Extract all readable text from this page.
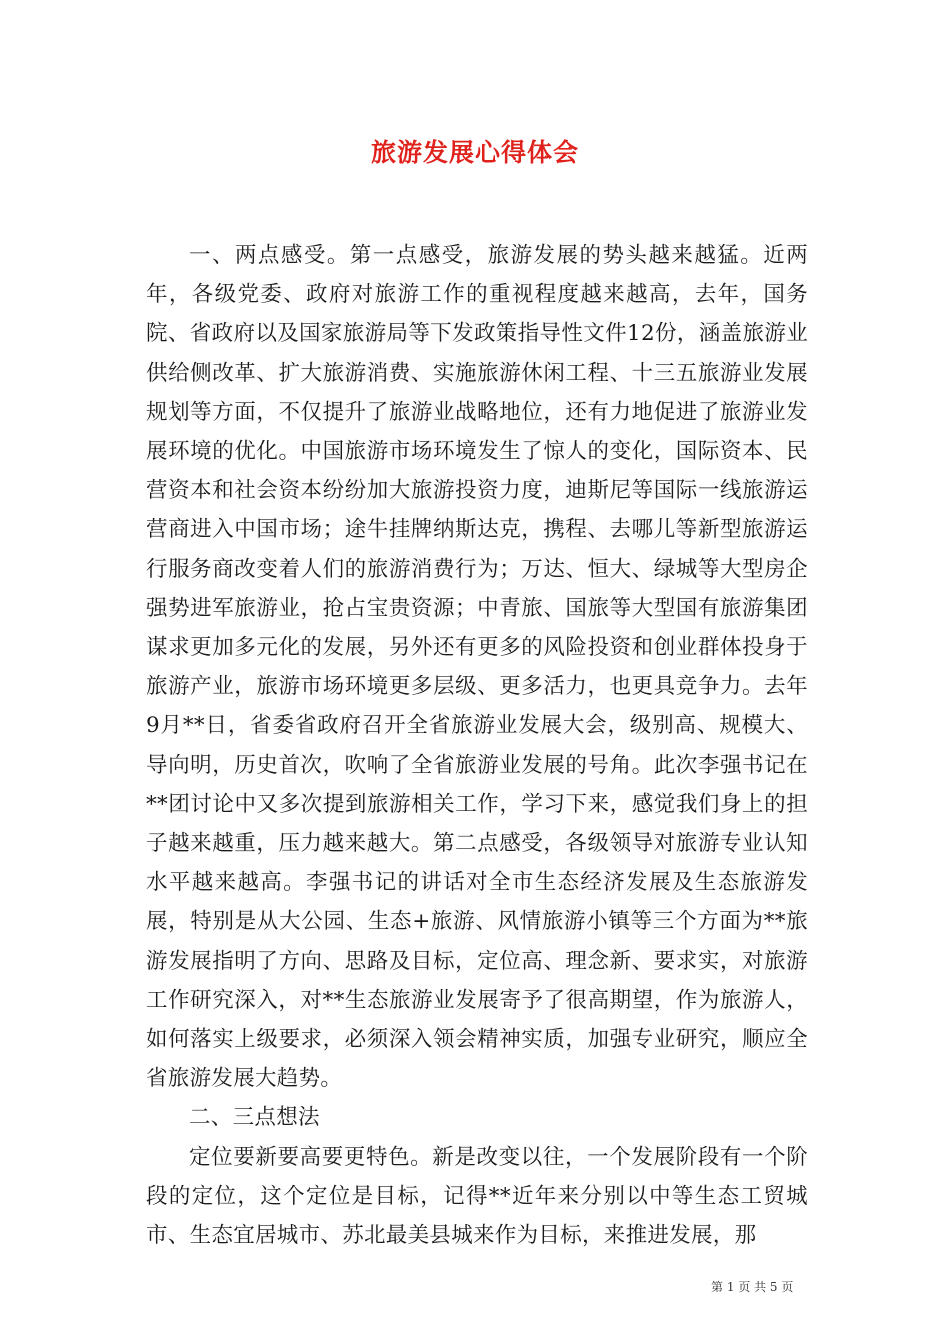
旅游发展心得体会

一、两点感受。第一点感受，旅游发展的势头越来越猛。近两年，各级党委、政府对旅游工作的重视程度越来越高，去年，国务院、省政府以及国家旅游局等下发政策指导性文件12份，涵盖旅游业供给侧改革、扩大旅游消费、实施旅游休闲工程、十三五旅游业发展规划等方面，不仅提升了旅游业战略地位，还有力地促进了旅游业发展环境的优化。中国旅游市场环境发生了惊人的变化，国际资本、民营资本和社会资本纷纷加大旅游投资力度，迪斯尼等国际一线旅游运营商进入中国市场；途牛挂牌纳斯达克，携程、去哪儿等新型旅游运行服务商改变着人们的旅游消费行为；万达、恒大、绿城等大型房企强势进军旅游业，抢占宝贵资源；中青旅、国旅等大型国有旅游集团谋求更加多元化的发展，另外还有更多的风险投资和创业群体投身于旅游产业，旅游市场环境更多层级、更多活力，也更具竞争力。去年9月**日，省委省政府召开全省旅游业发展大会，级别高、规模大、导向明，历史首次，吹响了全省旅游业发展的号角。此次李强书记在**团讨论中又多次提到旅游相关工作，学习下来，感觉我们身上的担子越来越重，压力越来越大。第二点感受，各级领导对旅游专业认知水平越来越高。李强书记的讲话对全市生态经济发展及生态旅游发展，特别是从大公园、生态+旅游、风情旅游小镇等三个方面为**旅游发展指明了方向、思路及目标，定位高、理念新、要求实，对旅游工作研究深入，对**生态旅游业发展寄予了很高期望，作为旅游人，如何落实上级要求，必须深入领会精神实质，加强专业研究，顺应全省旅游发展大趋势。

二、三点想法

定位要新要高要更特色。新是改变以往，一个发展阶段有一个阶段的定位，这个定位是目标，记得**近年来分别以中等生态工贸城市、生态宜居城市、苏北最美县城来作为目标，来推进发展，那

第 1 页 共 5 页
